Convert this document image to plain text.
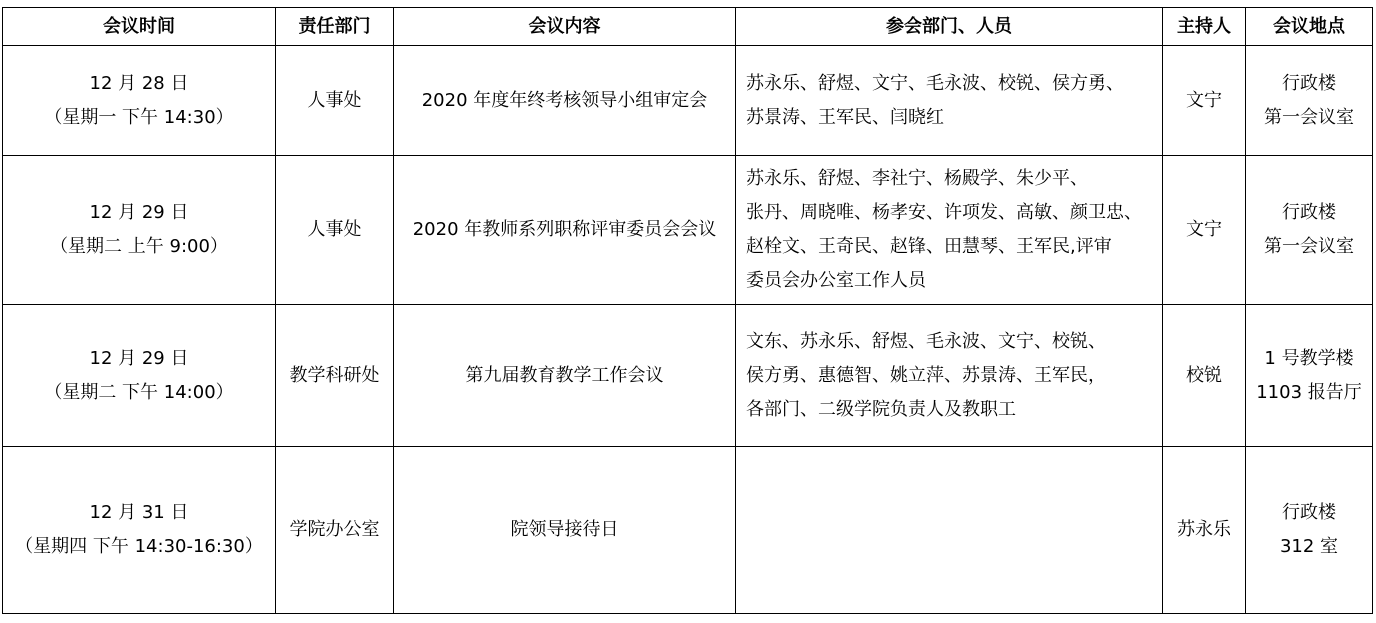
会议时间	责任部门	会议内容	参会部门、人员	主持人	会议地点

12 月 28 日
（星期一 下午 14:30）	人事处	2020 年度年终考核领导小组审定会	苏永乐、舒煜、文宁、毛永波、校锐、侯方勇、
苏景涛、王军民、闫晓红	文宁	行政楼
第一会议室

12 月 29 日
（星期二 上午 9:00）	人事处	2020 年教师系列职称评审委员会会议	苏永乐、舒煜、李社宁、杨殿学、朱少平、
张丹、周晓唯、杨孝安、许项发、高敏、颜卫忠、
赵栓文、王奇民、赵锋、田慧琴、王军民,评审
委员会办公室工作人员	文宁	行政楼
第一会议室

12 月 29 日
（星期二 下午 14:00）	教学科研处	第九届教育教学工作会议	文东、苏永乐、舒煜、毛永波、文宁、校锐、
侯方勇、惠德智、姚立萍、苏景涛、王军民，
各部门、二级学院负责人及教职工	校锐	1 号教学楼
1103 报告厅

12 月 31 日
（星期四 下午 14:30-16:30）	学院办公室	院领导接待日		苏永乐	行政楼
312 室
